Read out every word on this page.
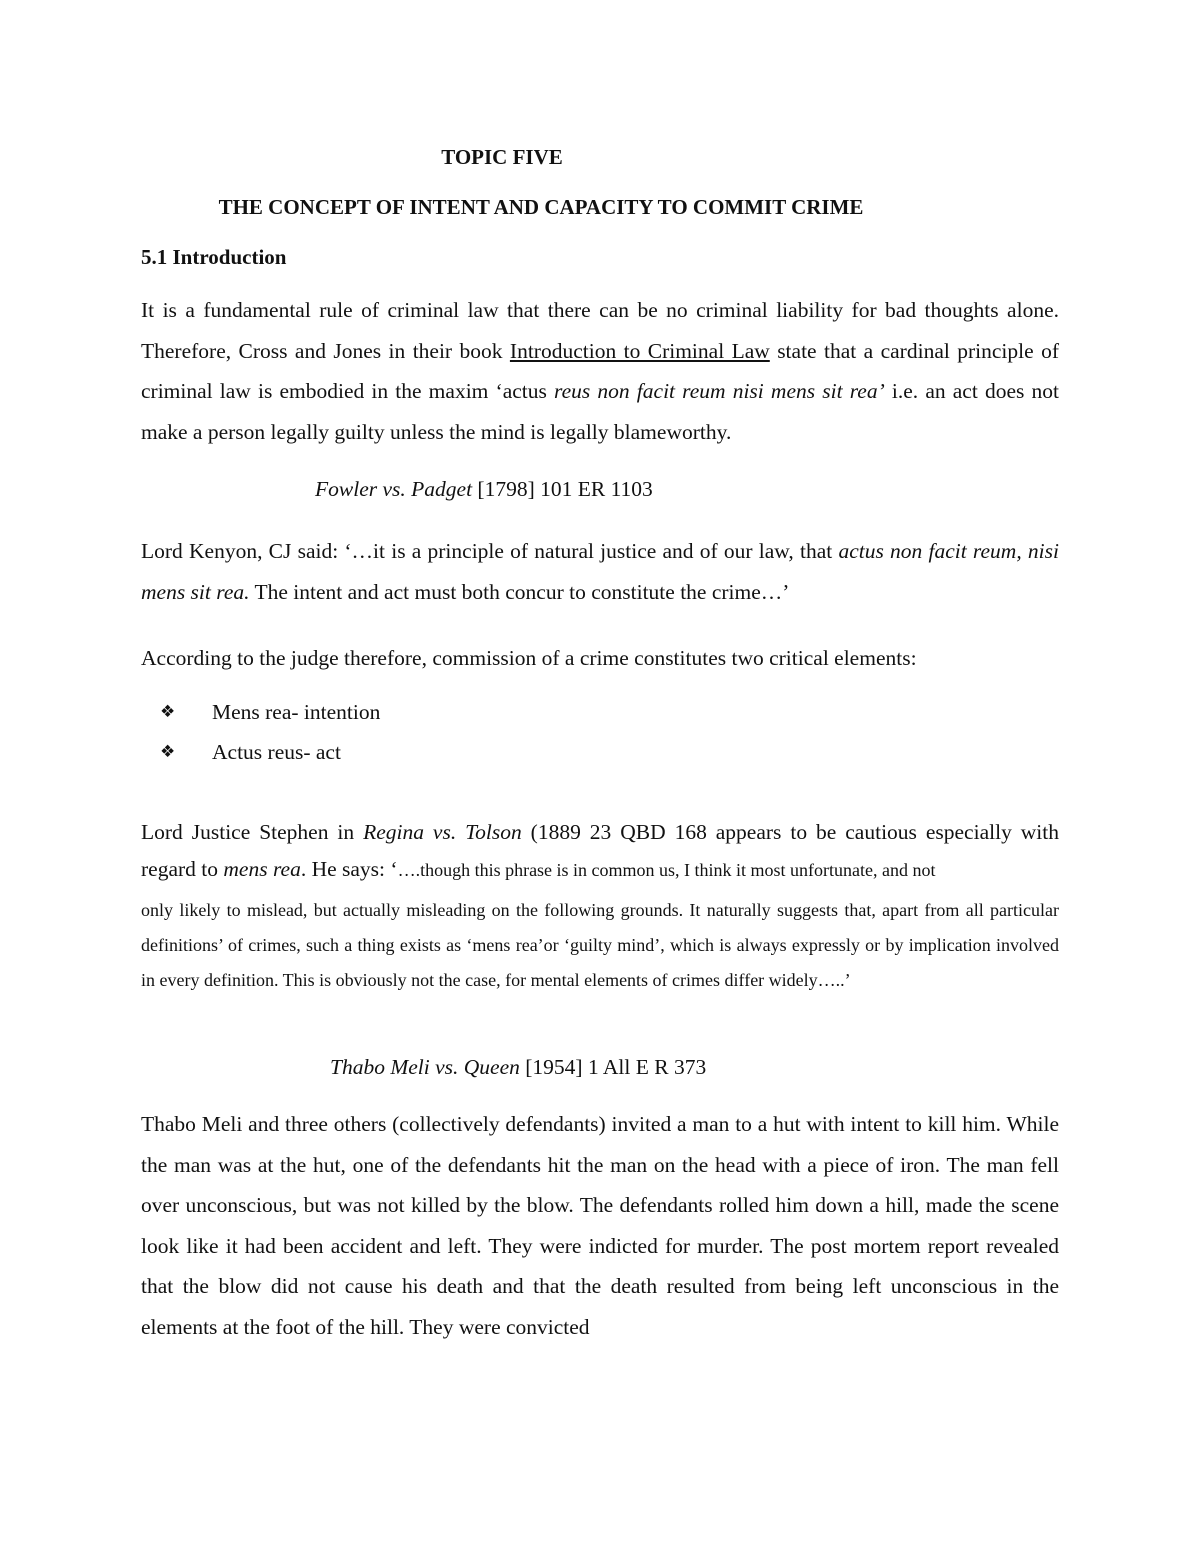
TOPIC FIVE

THE CONCEPT OF INTENT AND CAPACITY TO COMMIT CRIME

5.1 Introduction

It is a fundamental rule of criminal law that there can be no criminal liability for bad thoughts alone. Therefore, Cross and Jones in their book Introduction to Criminal Law state that a cardinal principle of criminal law is embodied in the maxim ‘actus reus non facit reum nisi mens sit rea’ i.e. an act does not make a person legally guilty unless the mind is legally blameworthy.

Fowler vs. Padget [1798] 101 ER 1103

Lord Kenyon, CJ said: ‘…it is a principle of natural justice and of our law, that actus non facit reum, nisi mens sit rea. The intent and act must both concur to constitute the crime…’

According to the judge therefore, commission of a crime constitutes two critical elements:

❖	Mens rea- intention
❖	Actus reus- act

Lord Justice Stephen in Regina vs. Tolson (1889 23 QBD 168 appears to be cautious especially with regard to mens rea. He says: ‘….though this phrase is in common us, I think it most unfortunate, and not

only likely to mislead, but actually misleading on the following grounds. It naturally suggests that, apart from all particular definitions’ of crimes, such a thing exists as ‘mens rea’or ‘guilty mind’, which is always expressly or by implication involved in every definition. This is obviously not the case, for mental elements of crimes differ widely…..’

Thabo Meli vs. Queen [1954] 1 All E R 373

Thabo Meli and three others (collectively defendants) invited a man to a hut with intent to kill him. While the man was at the hut, one of the defendants hit the man on the head with a piece of iron. The man fell over unconscious, but was not killed by the blow. The defendants rolled him down a hill, made the scene look like it had been accident and left. They were indicted for murder. The post mortem report revealed that the blow did not cause his death and that the death resulted from being left unconscious in the elements at the foot of the hill. They were convicted
